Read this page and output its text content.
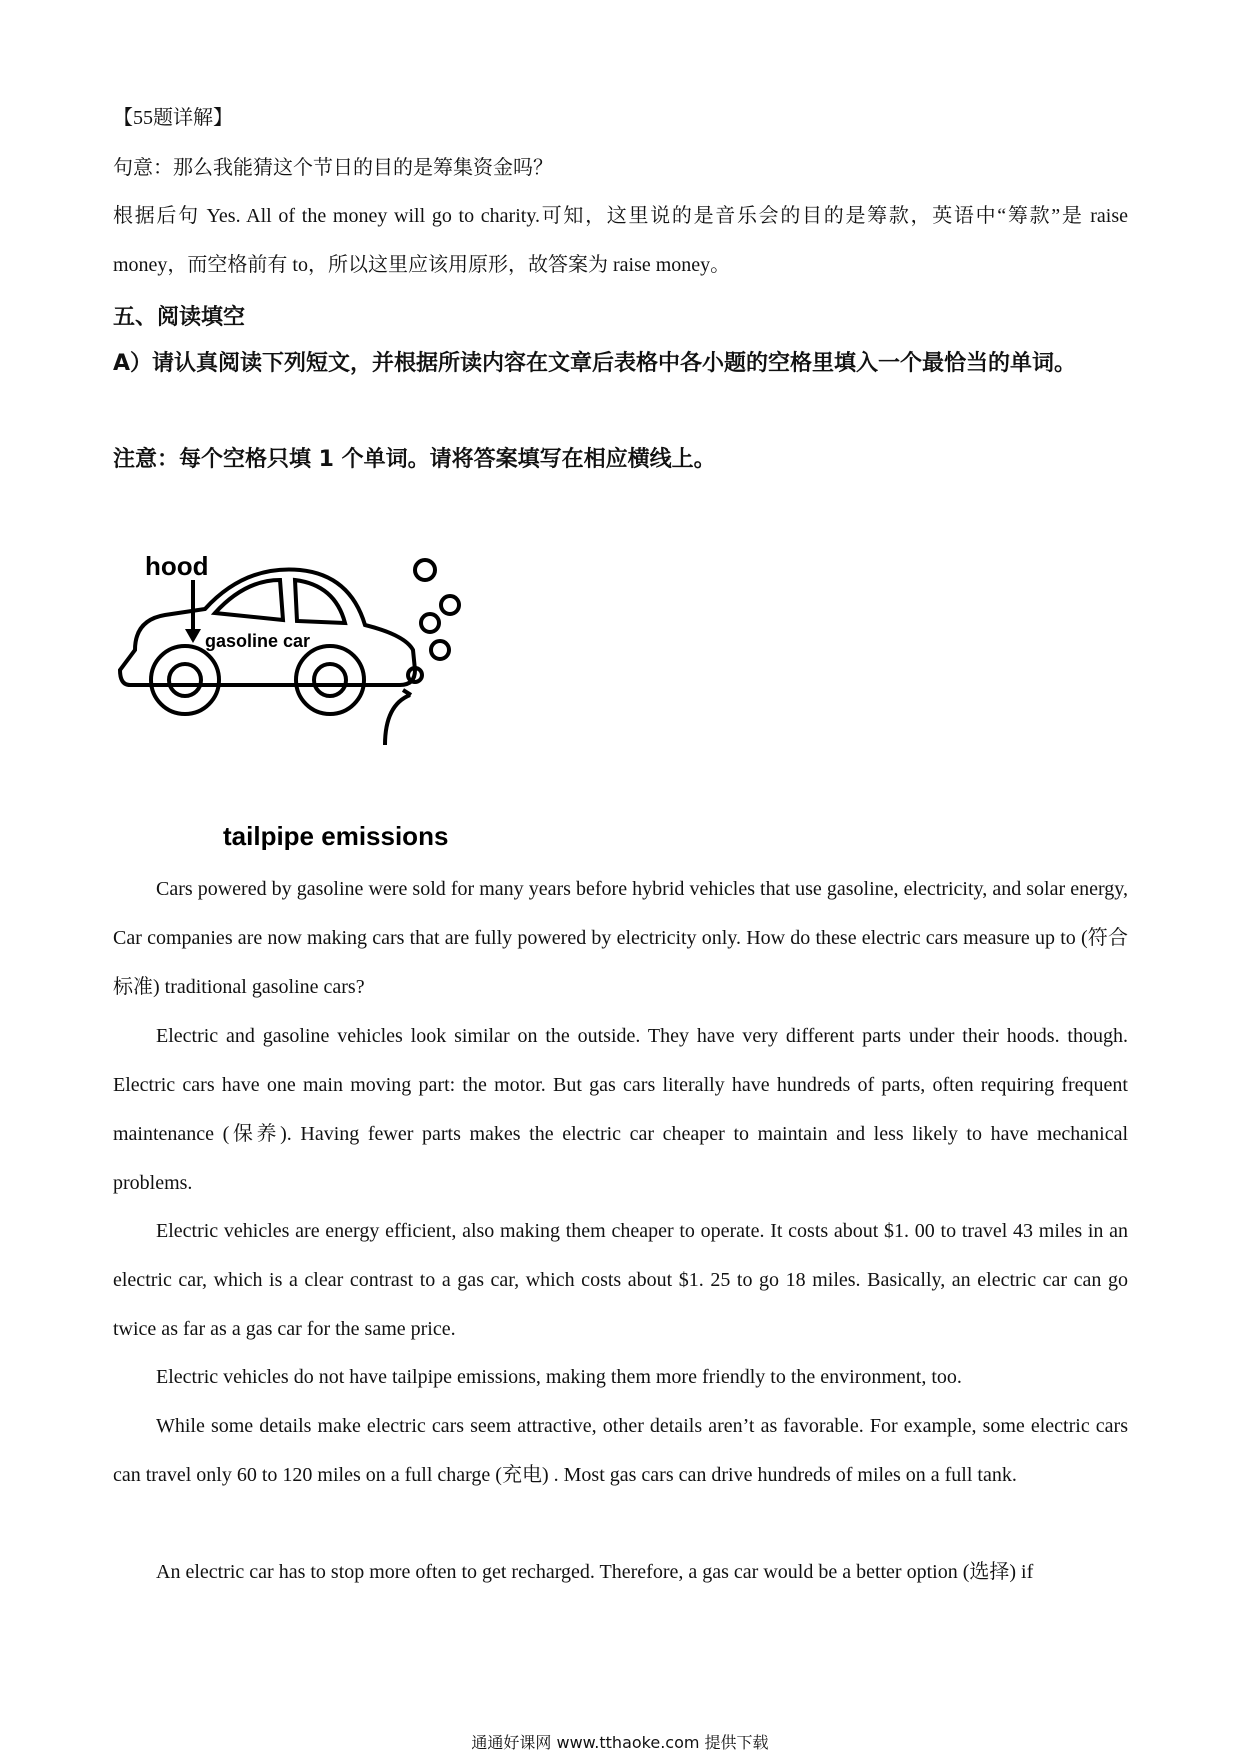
【55题详解】
句意：那么我能猜这个节日的目的是筹集资金吗？
根据后句 Yes. All of the money will go to charity.可知，这里说的是音乐会的目的是筹款，英语中“筹款”是 raise money，而空格前有 to，所以这里应该用原形，故答案为 raise money。
五、阅读填空
A）请认真阅读下列短文，并根据所读内容在文章后表格中各小题的空格里填入一个最恰当的单词。
注意：每个空格只填 1 个单词。请将答案填写在相应横线上。
hood
gasoline car
tailpipe emissions
Cars powered by gasoline were sold for many years before hybrid vehicles that use gasoline, electricity, and solar energy, Car companies are now making cars that are fully powered by electricity only. How do these electric cars measure up to (符合标准) traditional gasoline cars?
Electric and gasoline vehicles look similar on the outside. They have very different parts under their hoods. though. Electric cars have one main moving part: the motor. But gas cars literally have hundreds of parts, often requiring frequent maintenance (保养). Having fewer parts makes the electric car cheaper to maintain and less likely to have mechanical problems.
Electric vehicles are energy efficient, also making them cheaper to operate. It costs about $1. 00 to travel 43 miles in an electric car, which is a clear contrast to a gas car, which costs about $1. 25 to go 18 miles. Basically, an electric car can go twice as far as a gas car for the same price.
Electric vehicles do not have tailpipe emissions, making them more friendly to the environment, too.
While some details make electric cars seem attractive, other details aren’t as favorable. For example, some electric cars can travel only 60 to 120 miles on a full charge (充电) . Most gas cars can drive hundreds of miles on a full tank.
An electric car has to stop more often to get recharged. Therefore, a gas car would be a better option (选择) if
通通好课网 www.tthaoke.com 提供下载
